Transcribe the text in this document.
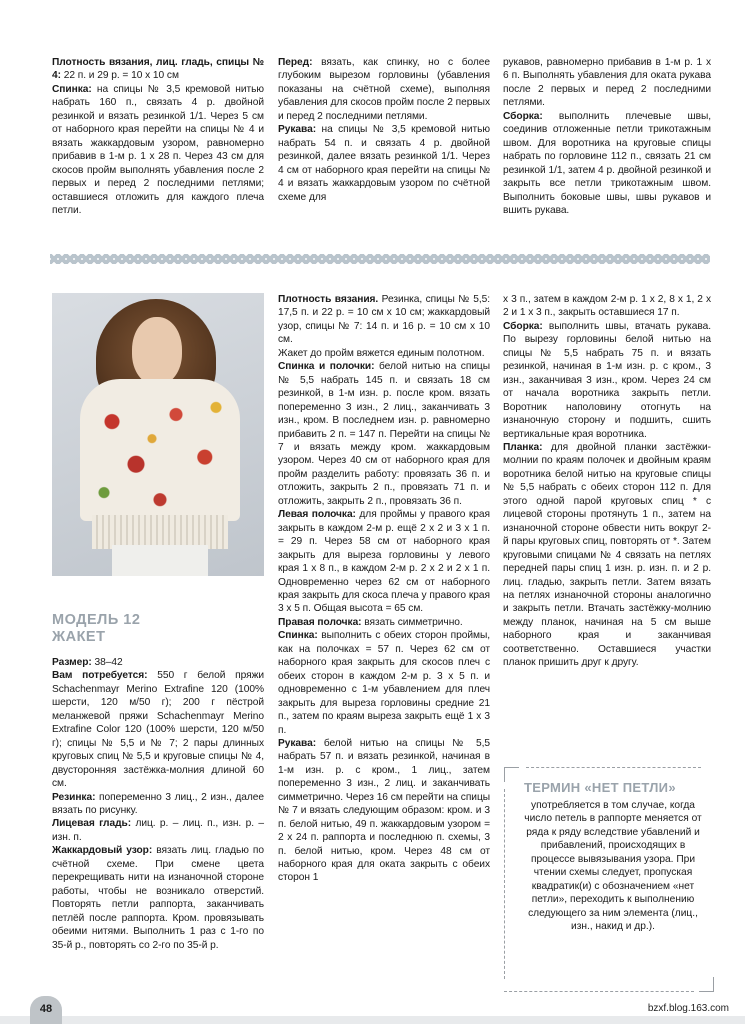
Плотность вязания, лиц. гладь, спицы № 4: 22 п. и 29 р. = 10 х 10 см

Спинка: на спицы № 3,5 кремовой нитью набрать 160 п., связать 4 р. двойной резинкой и вязать резинкой 1/1. Через 5 см от наборного края перейти на спицы № 4 и вязать жаккардовым узором, равномерно прибавив в 1-м р. 1 х 28 п. Через 43 см для скосов пройм выполнять убавления после 2 первых и перед 2 последними петлями; оставшиеся отложить для каждого плеча петли.

Перед: вязать, как спинку, но с более глубоким вырезом горловины (убавления показаны на счётной схеме), выполняя убавления для скосов пройм после 2 первых и перед 2 последними петлями.

Рукава: на спицы № 3,5 кремовой нитью набрать 54 п. и связать 4 р. двойной резинкой, далее вязать резинкой 1/1. Через 4 см от наборного края перейти на спицы № 4 и вязать жаккардовым узором по счётной схеме для

рукавов, равномерно прибавив в 1-м р. 1 х 6 п. Выполнять убавления для оката рукава после 2 первых и перед 2 последними петлями.

Сборка: выполнить плечевые швы, соединив отложенные петли трикотажным швом. Для воротника на круговые спицы набрать по горловине 112 п., связать 21 см резинкой 1/1, затем 4 р. двойной резинкой и закрыть все петли трикотажным швом. Выполнить боковые швы, швы рукавов и вшить рукава.

МОДЕЛЬ 12
ЖАКЕТ

Размер: 38–42

Вам потребуется: 550 г белой пряжи Schachenmayr Merino Extrafine 120 (100% шерсти, 120 м/50 г); 200 г пёстрой меланжевой пряжи Schachenmayr Merino Extrafine Color 120 (100% шерсти, 120 м/50 г); спицы № 5,5 и № 7; 2 пары длинных круговых спиц № 5,5 и круговые спицы № 4, двусторонняя застёжка-молния длиной 60 см.

Резинка: попеременно 3 лиц., 2 изн., далее вязать по рисунку.

Лицевая гладь: лиц. р. – лиц. п., изн. р. – изн. п.

Жаккардовый узор: вязать лиц. гладью по счётной схеме. При смене цвета перекрещивать нити на изнаночной стороне работы, чтобы не возникало отверстий. Повторять петли раппорта, заканчивать петлёй после раппорта. Кром. провязывать обеими нитями. Выполнить 1 раз с 1-го по 35-й р., повторять со 2-го по 35-й р.

Плотность вязания. Резинка, спицы № 5,5: 17,5 п. и 22 р. = 10 см х 10 см; жаккардовый узор, спицы № 7: 14 п. и 16 р. = 10 см х 10 см.

Жакет до пройм вяжется единым полотном.

Спинка и полочки: белой нитью на спицы № 5,5 набрать 145 п. и связать 18 см резинкой, в 1-м изн. р. после кром. вязать попеременно 3 изн., 2 лиц., заканчивать 3 изн., кром. В последнем изн. р. равномерно прибавить 2 п. = 147 п. Перейти на спицы № 7 и вязать между кром. жаккардовым узором. Через 40 см от наборного края для пройм разделить работу: провязать 36 п. и отложить, закрыть 2 п., провязать 71 п. и отложить, закрыть 2 п., провязать 36 п.

Левая полочка: для проймы у правого края закрыть в каждом 2-м р. ещё 2 х 2 и 3 х 1 п. = 29 п. Через 58 см от наборного края закрыть для выреза горловины у левого края 1 х 8 п., в каждом 2-м р. 2 х 2 и 2 х 1 п. Одновременно через 62 см от наборного края закрыть для скоса плеча у правого края 3 х 5 п. Общая высота = 65 см.

Правая полочка: вязать симметрично.

Спинка: выполнить с обеих сторон проймы, как на полочках = 57 п. Через 62 см от наборного края закрыть для скосов плеч с обеих сторон в каждом 2-м р. 3 х 5 п. и одновременно с 1-м убавлением для плеч закрыть для выреза горловины средние 21 п., затем по краям выреза закрыть ещё 1 х 3 п.

Рукава: белой нитью на спицы № 5,5 набрать 57 п. и вязать резинкой, начиная в 1-м изн. р. с кром., 1 лиц., затем попеременно 3 изн., 2 лиц. и заканчивать симметрично. Через 16 см перейти на спицы № 7 и вязать следующим образом: кром. и 3 п. белой нитью, 49 п. жаккардовым узором = 2 х 24 п. раппорта и последнюю п. схемы, 3 п. белой нитью, кром. Через 48 см от наборного края для оката закрыть с обеих сторон 1

х 3 п., затем в каждом 2-м р. 1 х 2, 8 х 1, 2 х 2 и 1 х 3 п., закрыть оставшиеся 17 п.

Сборка: выполнить швы, втачать рукава. По вырезу горловины белой нитью на спицы № 5,5 набрать 75 п. и вязать резинкой, начиная в 1-м изн. р. с кром., 3 изн., заканчивая 3 изн., кром. Через 24 см от начала воротника закрыть петли. Воротник наполовину отогнуть на изнаночную сторону и подшить, сшить вертикальные края воротника.

Планка: для двойной планки застёжки-молнии по краям полочек и двойным краям воротника белой нитью на круговые спицы № 5,5 набрать с обеих сторон 112 п. Для этого одной парой круговых спиц * с лицевой стороны протянуть 1 п., затем на изнаночной стороне обвести нить вокруг 2-й пары круговых спиц, повторять от *. Затем круговыми спицами № 4 связать на петлях передней пары спиц 1 изн. р. изн. п. и 2 р. лиц. гладью, закрыть петли. Затем вязать на петлях изнаночной стороны аналогично и закрыть петли. Втачать застёжку-молнию между планок, начиная на 5 см выше наборного края и заканчивая соответственно. Оставшиеся участки планок пришить друг к другу.

ТЕРМИН «НЕТ ПЕТЛИ»
употребляется в том случае, когда число петель в раппорте меняется от ряда к ряду вследствие убавлений и прибавлений, происходящих в процессе вывязывания узора. При чтении схемы следует, пропуская квадратик(и) с обозначением «нет петли», переходить к выполнению следующего за ним элемента (лиц., изн., накид и др.).
48	bzxf.blog.163.com
